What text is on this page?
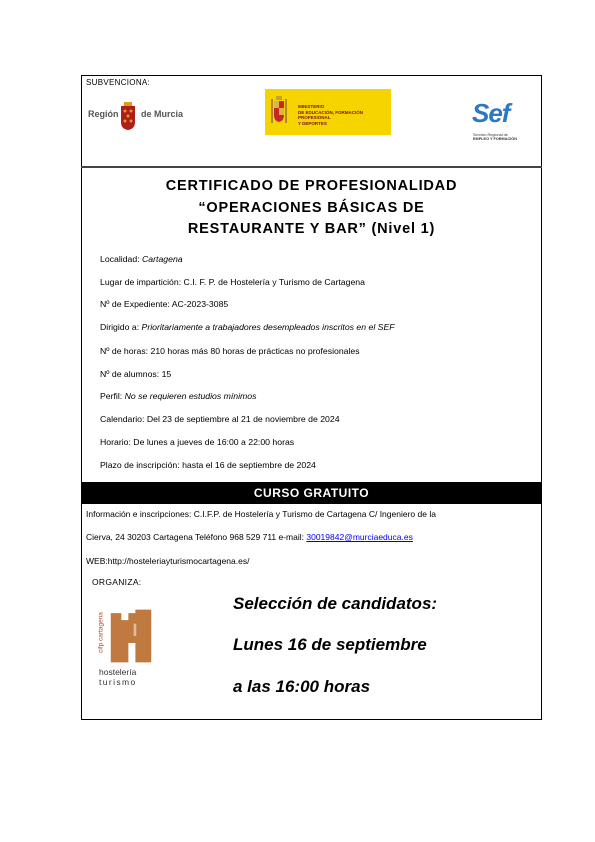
SUBVENCIONA:
Región	de Murcia
MINISTERIO
DE EDUCACIÓN, FORMACIÓN PROFESIONAL
Y DEPORTES	Sef
Servicio Regional de
EMPLEO Y FORMACIÓN
CERTIFICADO DE PROFESIONALIDAD
“OPERACIONES BÁSICAS DE
RESTAURANTE Y BAR” (Nivel 1)
Localidad: Cartagena
Lugar de impartición: C.I. F. P. de Hostelería y Turismo de Cartagena
Nº de Expediente: AC-2023-3085
Dirigido a: Prioritariamente a trabajadores desempleados inscritos en el SEF
Nº de horas: 210 horas más 80 horas de prácticas no profesionales
Nº de alumnos: 15
Perfil: No se requieren estudios mínimos
Calendario: Del 23 de septiembre al 21 de noviembre de 2024
Horario: De lunes a jueves de 16:00 a 22:00 horas
Plazo de inscripción: hasta el 16 de septiembre de 2024
CURSO GRATUITO
Información e inscripciones: C.I.F.P. de Hostelería y Turismo de Cartagena C/ Ingeniero de la
Cierva, 24 30203 Cartagena Teléfono 968 529 711 e-mail: 30019842@murciaeduca.es
WEB:http://hosteleriayturismocartagena.es/
ORGANIZA:
cifp cartagena
hostelería
turismo
Selección de candidatos:
Lunes 16 de septiembre
a las 16:00 horas
